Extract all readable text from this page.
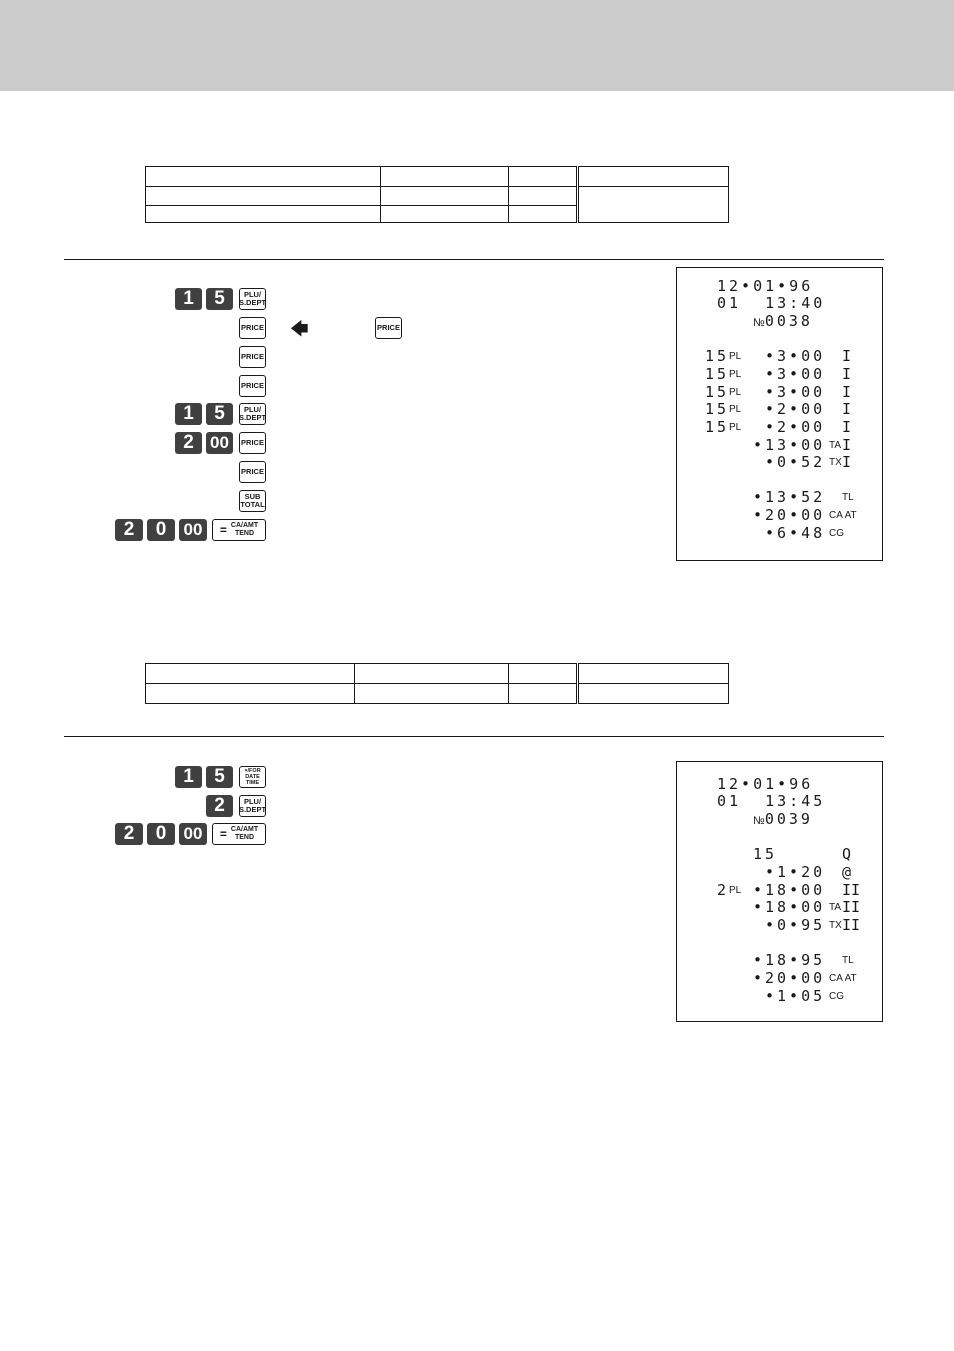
1	5	PLU/
S.DEPT
PRICE 🡄	PRICE
PRICE
PRICE
1	5	PLU/
S.DEPT
2 00	PRICE
PRICE
SUB
TOTAL
2	0	00	= CA/AMT
TEND
12•01•96
01  13:40
№0038
15 PL •3•00 I
15 PL •3•00 I
15 PL •3•00 I
15 PL •2•00 I
15 PL •2•00 I
•13•00 TA I
•0•52 TX I
•13•52 TL
•20•00 CA AT
•6•48 CG

1	5	×/FOR
DATE
TIME
2	PLU/
S.DEPT
2	0	00	= CA/AMT
TEND
12•01•96
01  13:45
№0039
15	Q
•1•20 @
2 PL •18•00 II
•18•00 TA II
•0•95 TX II
•18•95 TL
•20•00 CA AT
•1•05 CG
